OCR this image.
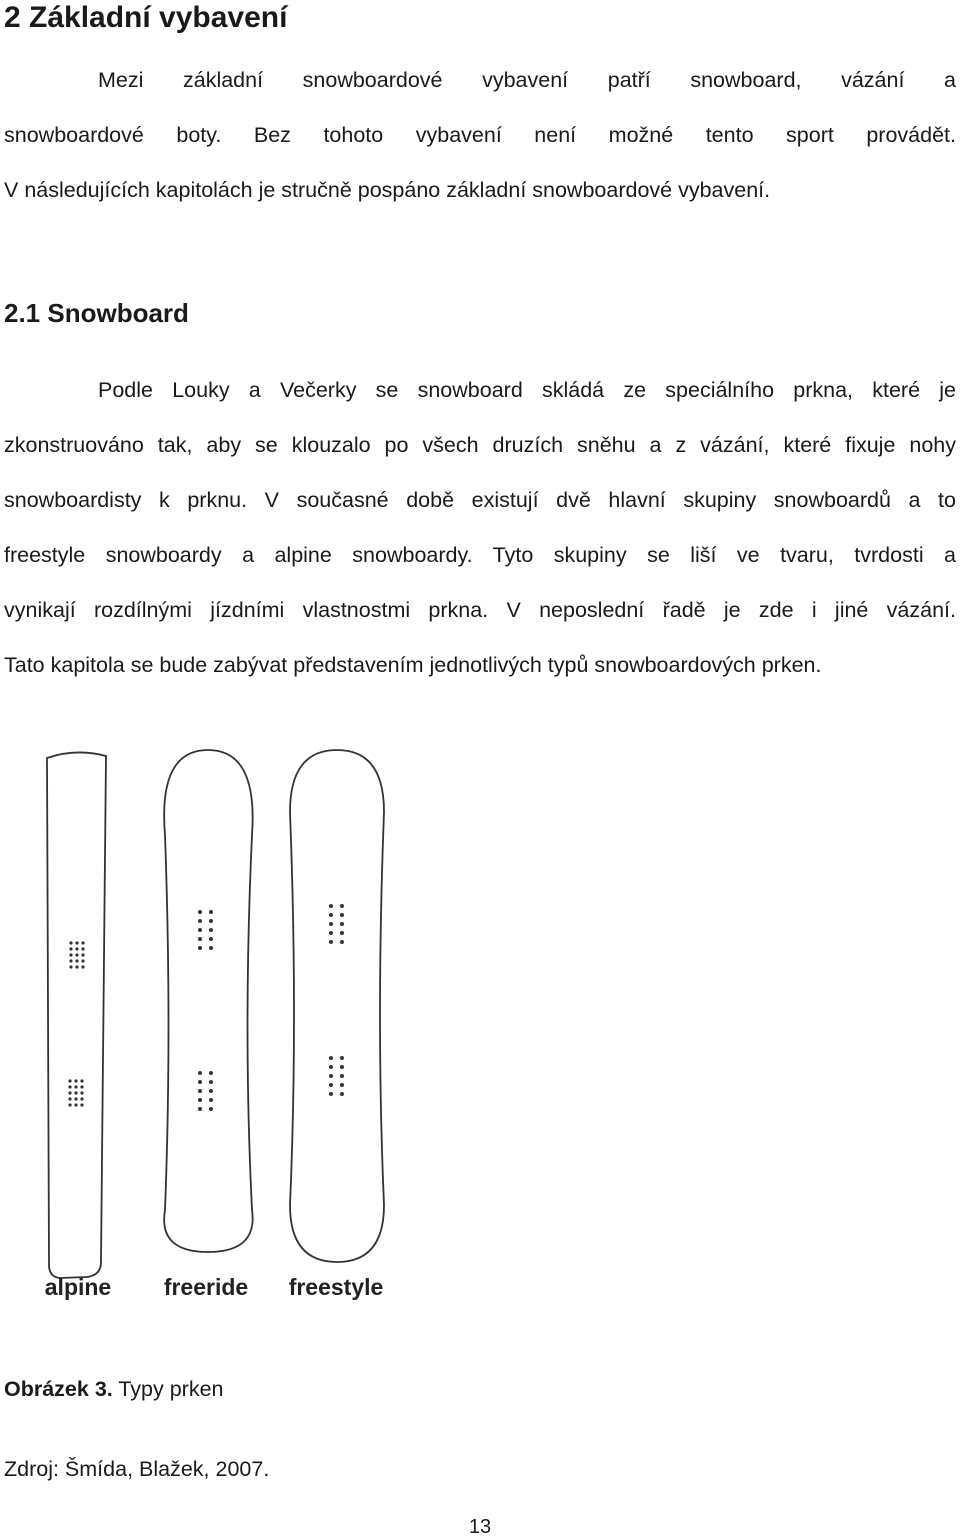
2 Základní vybavení

Mezi základní snowboardové vybavení patří snowboard, vázání a
snowboardové boty. Bez tohoto vybavení není možné tento sport provádět.
V následujících kapitolách je stručně pospáno základní snowboardové vybavení.

2.1 Snowboard

Podle Louky a Večerky se snowboard skládá ze speciálního prkna, které je
zkonstruováno tak, aby se klouzalo po všech druzích sněhu a z vázání, které fixuje nohy
snowboardisty k prknu. V současné době existují dvě hlavní skupiny snowboardů a to
freestyle snowboardy a alpine snowboardy. Tyto skupiny se liší ve tvaru, tvrdosti a
vynikají rozdílnými jízdními vlastnostmi prkna. V neposlední řadě je zde i jiné vázání.
Tato kapitola se bude zabývat představením jednotlivých typů snowboardových prken.

alpine freeride freestyle

Obrázek 3. Typy prken

Zdroj: Šmída, Blažek, 2007.

13
